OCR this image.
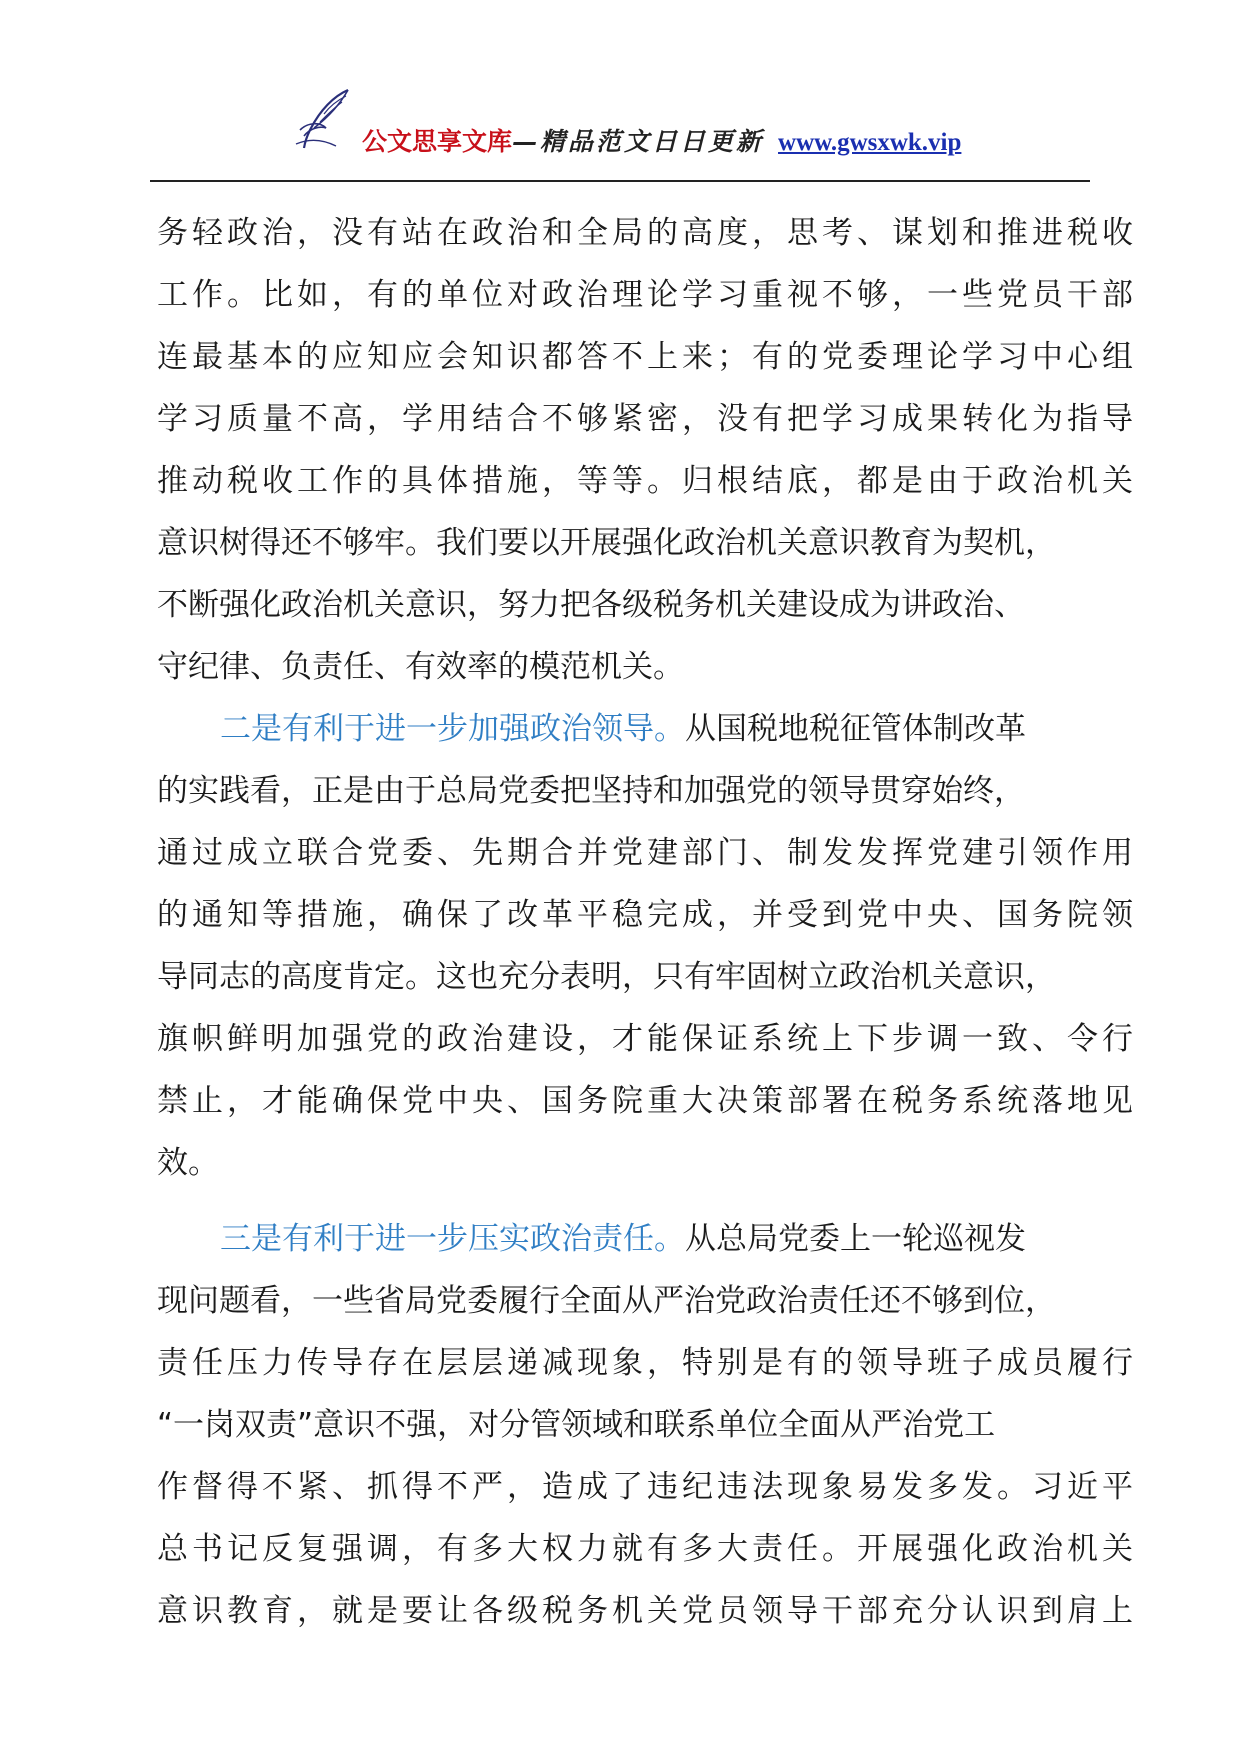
公文思享文库—精品范文日日更新 www.gwsxwk.vip
务轻政治，没有站在政治和全局的高度，思考、谋划和推进税收
工作。比如，有的单位对政治理论学习重视不够，一些党员干部
连最基本的应知应会知识都答不上来；有的党委理论学习中心组
学习质量不高，学用结合不够紧密，没有把学习成果转化为指导
推动税收工作的具体措施，等等。归根结底，都是由于政治机关
意识树得还不够牢。我们要以开展强化政治机关意识教育为契机，
不断强化政治机关意识，努力把各级税务机关建设成为讲政治、
守纪律、负责任、有效率的模范机关。
二是有利于进一步加强政治领导。从国税地税征管体制改革
的实践看，正是由于总局党委把坚持和加强党的领导贯穿始终，
通过成立联合党委、先期合并党建部门、制发发挥党建引领作用
的通知等措施，确保了改革平稳完成，并受到党中央、国务院领
导同志的高度肯定。这也充分表明，只有牢固树立政治机关意识，
旗帜鲜明加强党的政治建设，才能保证系统上下步调一致、令行
禁止，才能确保党中央、国务院重大决策部署在税务系统落地见
效。
三是有利于进一步压实政治责任。从总局党委上一轮巡视发
现问题看，一些省局党委履行全面从严治党政治责任还不够到位，
责任压力传导存在层层递减现象，特别是有的领导班子成员履行
“一岗双责”意识不强，对分管领域和联系单位全面从严治党工
作督得不紧、抓得不严，造成了违纪违法现象易发多发。习近平
总书记反复强调，有多大权力就有多大责任。开展强化政治机关
意识教育，就是要让各级税务机关党员领导干部充分认识到肩上
